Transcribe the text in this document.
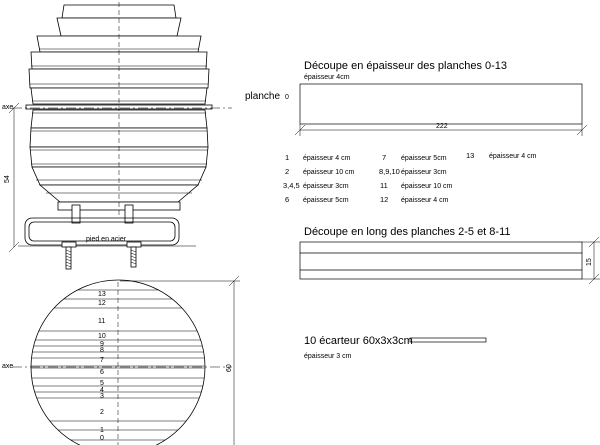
axe
54
pied en acier
axe	60
13
12
11
10
9
8
7
6
5
4
3
2
1
0
Découpe en épaisseur des planches 0-13
épaisseur 4cm
planche 0
222
1 épaisseur 4 cm
2 épaisseur 10 cm
3,4,5 épaisseur 3cm
6 épaisseur 5cm
7 épaisseur 5cm
8,9,10 épaisseur 3cm
11 épaisseur 10 cm
12 épaisseur 4 cm
13 épaisseur 4 cm
Découpe en long des planches 2-5 et 8-11
15
10 écarteur 60x3x3cm
épaisseur 3 cm
